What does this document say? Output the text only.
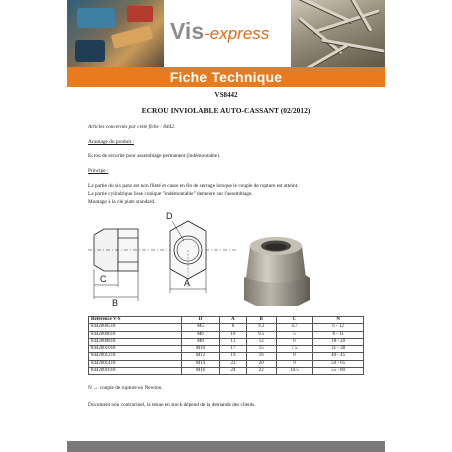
Vis-express
Fiche Technique
VS8442
ECROU INVIOLABLE AUTO-CASSANT (02/2012)
Articles concernés par cette fiche : 8442.
Avantage du produit :
Ecrou de sécurité pour assemblage permanent (indémontable).
Principe :
La partie du six pans est non fileté et casse en fin de serrage lorsque le couple de rupture est atteint.
La partie cylindrique lisse conique "indémontable" demeure sur l'assemblage.
Montage à la clé plate standard.
D
C
B
A
Référence V-S	D	A	B	C	N
8442000518	M5	8	9.2	4.7	6 - 12
8442000618	M6	10	9.5	5	8 - 11
8442000818	M8	13	12	6	18 - 20
8442001018	M10	17	15	7.5	31 - 38
8442001218	M12	19	16	8	40 - 45
8442001418	M14	22	20	9	50 - 65
8442001618	M16	24	22	10.5	55 - 80
N → couple de rupture en Newton.
Document non contractuel, la tenue en stock dépend de la demande des clients.
